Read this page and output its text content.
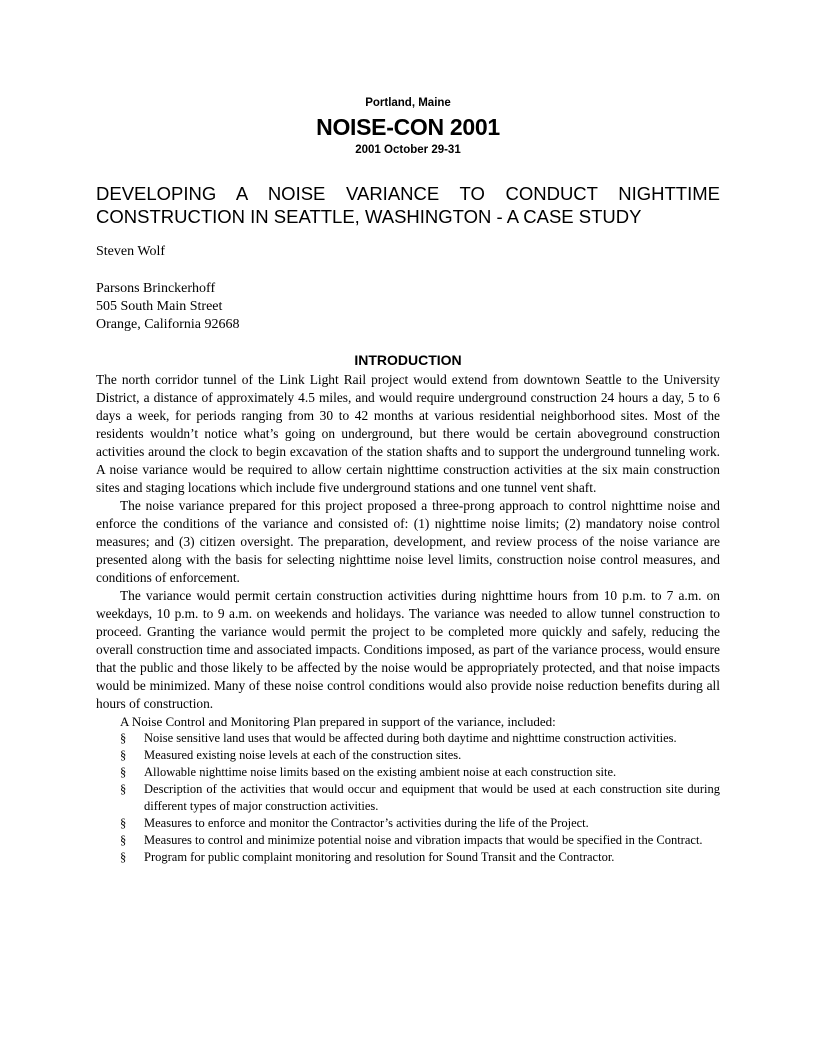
Portland, Maine
NOISE-CON 2001
2001 October 29-31
DEVELOPING A NOISE VARIANCE TO CONDUCT NIGHTTIME CONSTRUCTION IN SEATTLE, WASHINGTON - A CASE STUDY
Steven Wolf
Parsons Brinckerhoff
505 South Main Street
Orange, California 92668
INTRODUCTION

The north corridor tunnel of the Link Light Rail project would extend from downtown Seattle to the University District, a distance of approximately 4.5 miles, and would require underground construction 24 hours a day, 5 to 6 days a week, for periods ranging from 30 to 42 months at various residential neighborhood sites. Most of the residents wouldn’t notice what’s going on underground, but there would be certain aboveground construction activities around the clock to begin excavation of the station shafts and to support the underground tunneling work. A noise variance would be required to allow certain nighttime construction activities at the six main construction sites and staging locations which include five underground stations and one tunnel vent shaft.

The noise variance prepared for this project proposed a three-prong approach to control nighttime noise and enforce the conditions of the variance and consisted of: (1) nighttime noise limits; (2) mandatory noise control measures; and (3) citizen oversight. The preparation, development, and review process of the noise variance are presented along with the basis for selecting nighttime noise level limits, construction noise control measures, and conditions of enforcement.

The variance would permit certain construction activities during nighttime hours from 10 p.m. to 7 a.m. on weekdays, 10 p.m. to 9 a.m. on weekends and holidays. The variance was needed to allow tunnel construction to proceed. Granting the variance would permit the project to be completed more quickly and safely, reducing the overall construction time and associated impacts. Conditions imposed, as part of the variance process, would ensure that the public and those likely to be affected by the noise would be appropriately protected, and that noise impacts would be minimized. Many of these noise control conditions would also provide noise reduction benefits during all hours of construction.

A Noise Control and Monitoring Plan prepared in support of the variance, included:

§ Noise sensitive land uses that would be affected during both daytime and nighttime construction activities.
§ Measured existing noise levels at each of the construction sites.
§ Allowable nighttime noise limits based on the existing ambient noise at each construction site.
§ Description of the activities that would occur and equipment that would be used at each construction site during different types of major construction activities.
§ Measures to enforce and monitor the Contractor’s activities during the life of the Project.
§ Measures to control and minimize potential noise and vibration impacts that would be specified in the Contract.
§ Program for public complaint monitoring and resolution for Sound Transit and the Contractor.
